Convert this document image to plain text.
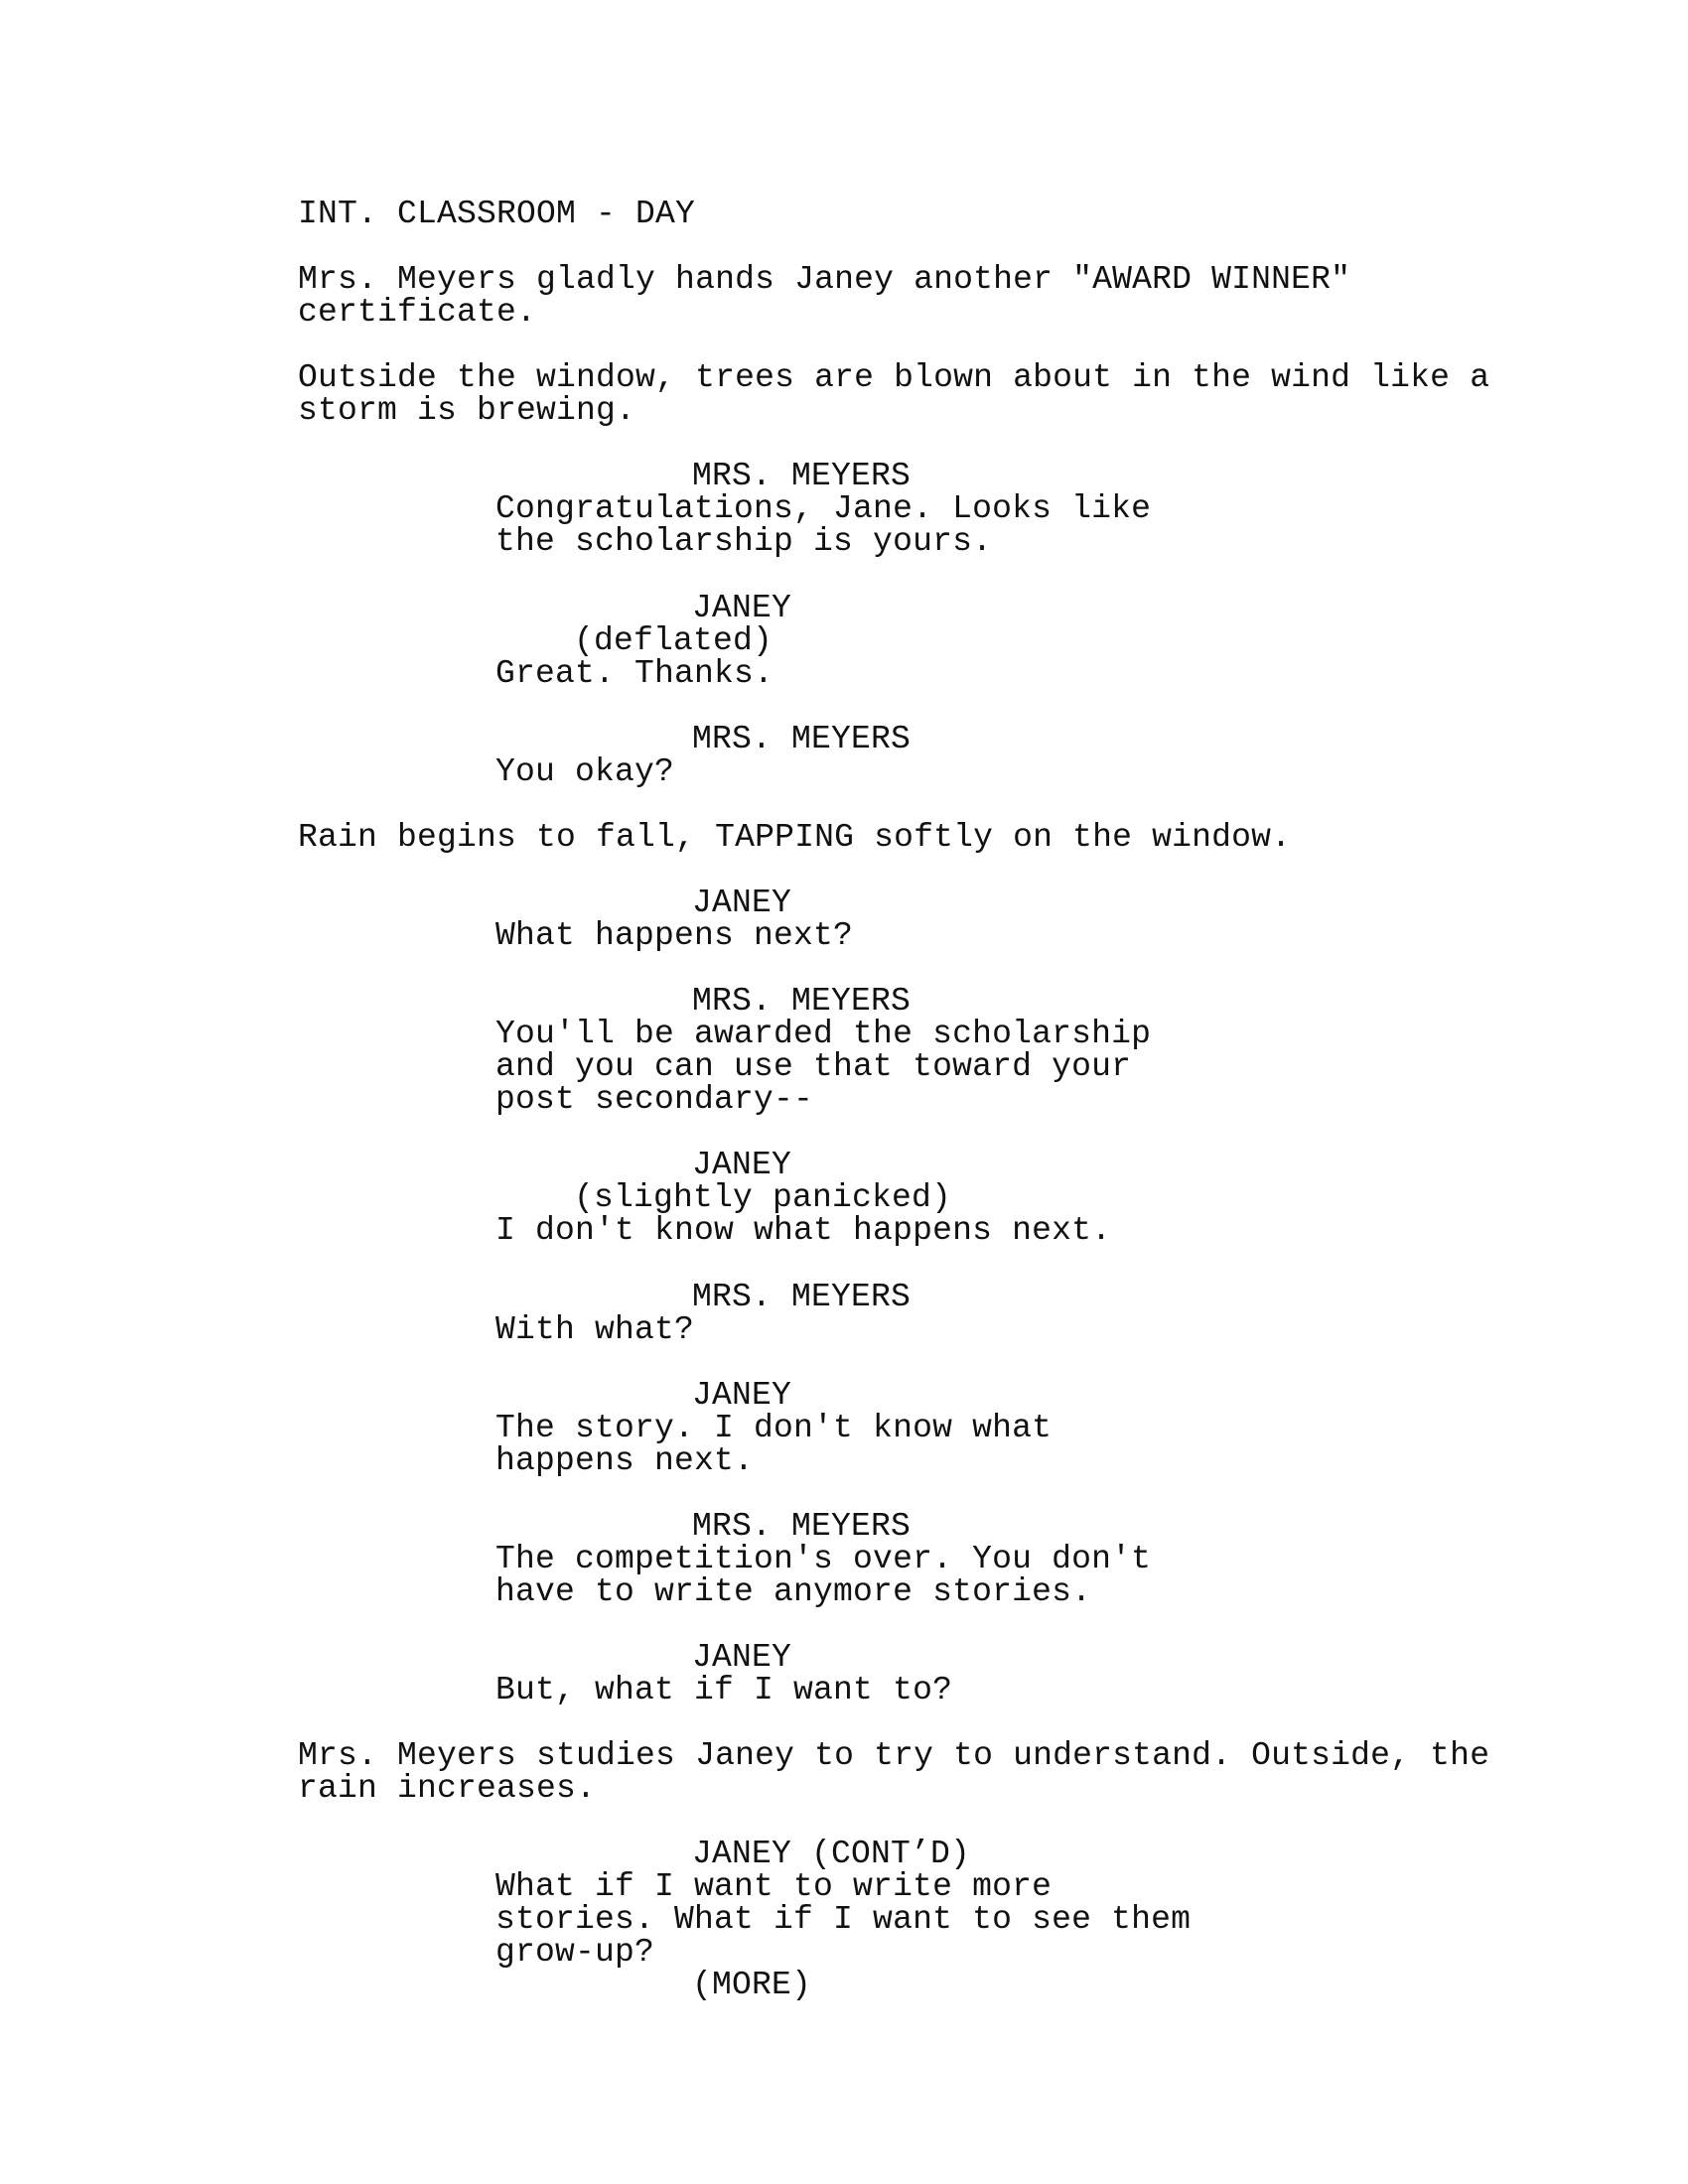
INT. CLASSROOM - DAY
Mrs. Meyers gladly hands Janey another "AWARD WINNER"
certificate.
Outside the window, trees are blown about in the wind like a
storm is brewing.
MRS. MEYERS
Congratulations, Jane. Looks like
the scholarship is yours.
JANEY
(deflated)
Great. Thanks.
MRS. MEYERS
You okay?
Rain begins to fall, TAPPING softly on the window.
JANEY
What happens next?
MRS. MEYERS
You'll be awarded the scholarship
and you can use that toward your
post secondary--
JANEY
(slightly panicked)
I don't know what happens next.
MRS. MEYERS
With what?
JANEY
The story. I don't know what
happens next.
MRS. MEYERS
The competition's over. You don't
have to write anymore stories.
JANEY
But, what if I want to?
Mrs. Meyers studies Janey to try to understand. Outside, the
rain increases.
JANEY (CONT’D)
What if I want to write more
stories. What if I want to see them
grow-up?
(MORE)
